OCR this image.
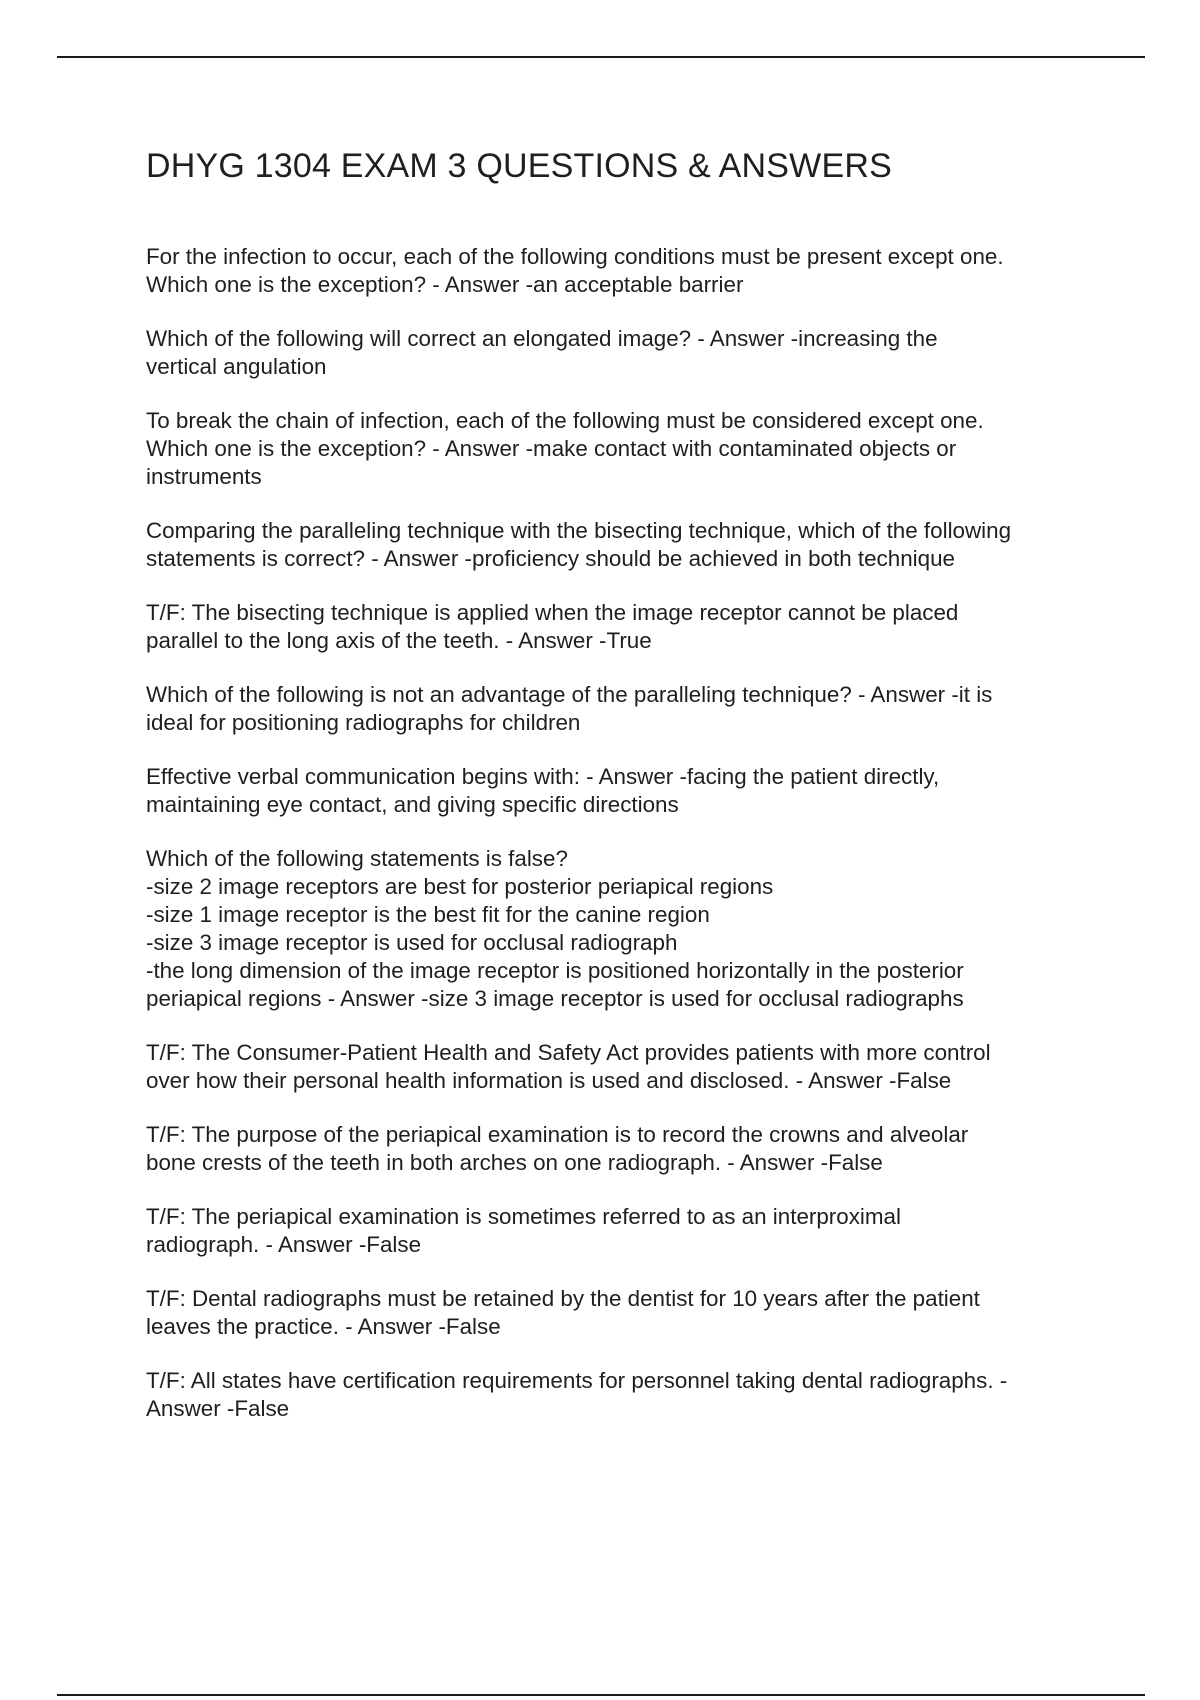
DHYG 1304 EXAM 3 QUESTIONS & ANSWERS
For the infection to occur, each of the following conditions must be present except one.
Which one is the exception? - Answer -an acceptable barrier
Which of the following will correct an elongated image? - Answer -increasing the
vertical angulation
To break the chain of infection, each of the following must be considered except one.
Which one is the exception? - Answer -make contact with contaminated objects or
instruments
Comparing the paralleling technique with the bisecting technique, which of the following
statements is correct? - Answer -proficiency should be achieved in both technique
T/F: The bisecting technique is applied when the image receptor cannot be placed
parallel to the long axis of the teeth. - Answer -True
Which of the following is not an advantage of the paralleling technique? - Answer -it is
ideal for positioning radiographs for children
Effective verbal communication begins with: - Answer -facing the patient directly,
maintaining eye contact, and giving specific directions
Which of the following statements is false?
-size 2 image receptors are best for posterior periapical regions
-size 1 image receptor is the best fit for the canine region
-size 3 image receptor is used for occlusal radiograph
-the long dimension of the image receptor is positioned horizontally in the posterior
periapical regions - Answer -size 3 image receptor is used for occlusal radiographs
T/F: The Consumer-Patient Health and Safety Act provides patients with more control
over how their personal health information is used and disclosed. - Answer -False
T/F: The purpose of the periapical examination is to record the crowns and alveolar
bone crests of the teeth in both arches on one radiograph. - Answer -False
T/F: The periapical examination is sometimes referred to as an interproximal
radiograph. - Answer -False
T/F: Dental radiographs must be retained by the dentist for 10 years after the patient
leaves the practice. - Answer -False
T/F: All states have certification requirements for personnel taking dental radiographs. -
Answer -False
